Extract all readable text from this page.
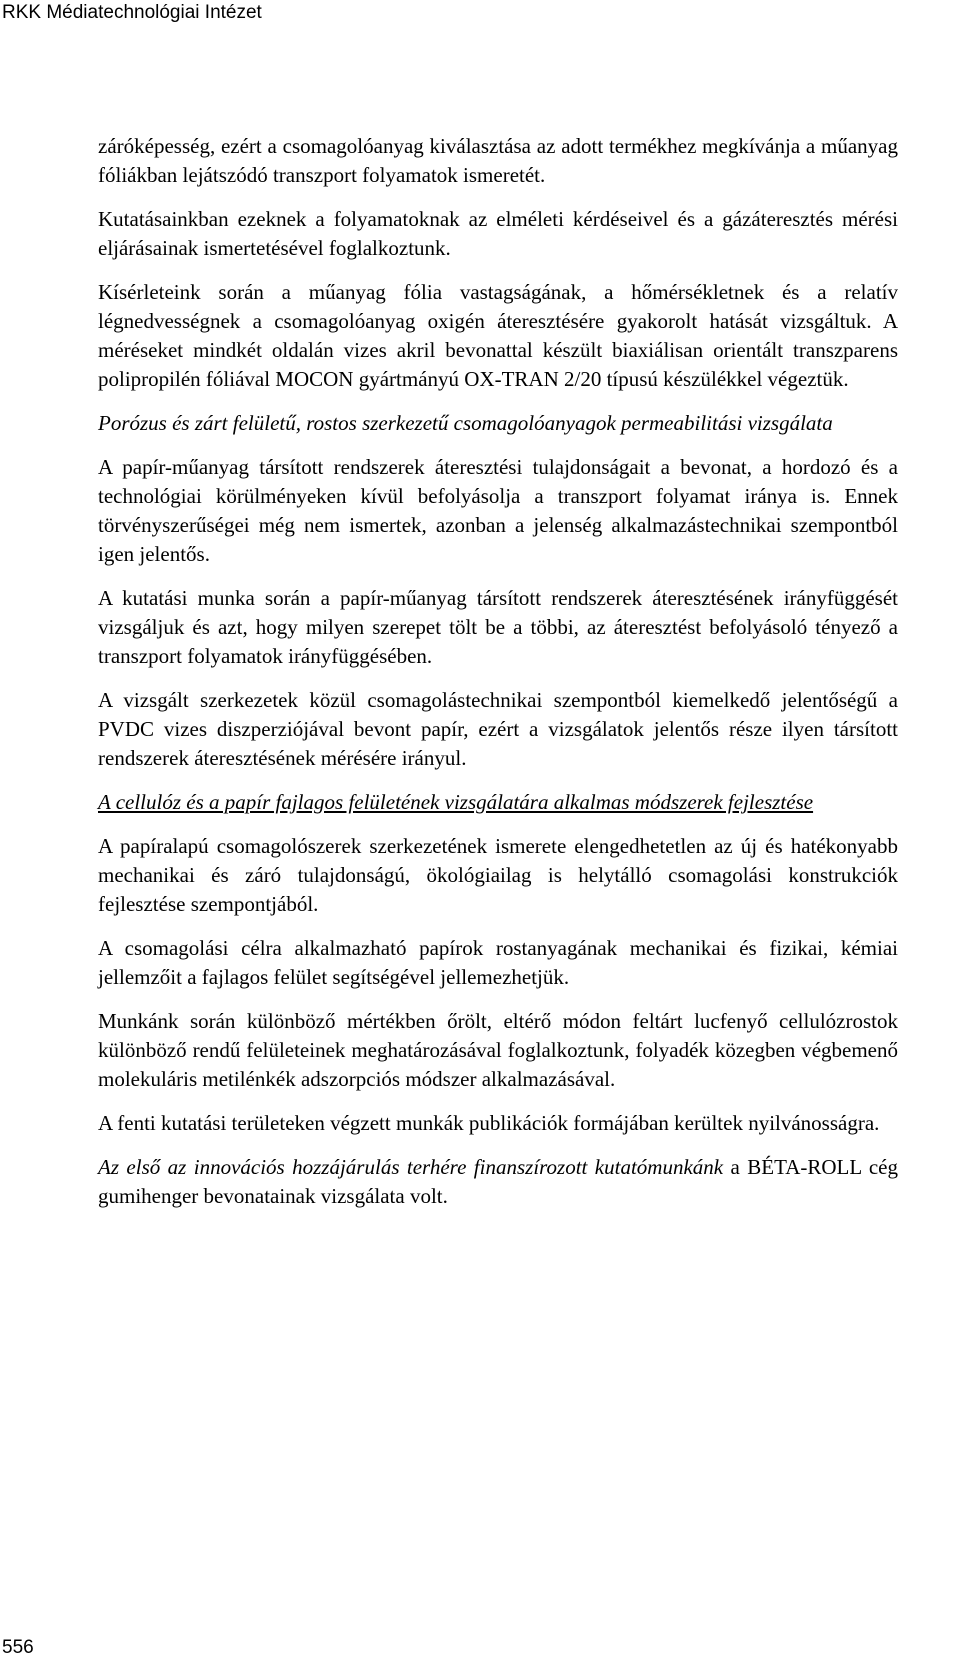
RKK Médiatechnológiai Intézet

záróképesség, ezért a csomagolóanyag kiválasztása az adott termékhez megkívánja a műanyag fóliákban lejátszódó transzport folyamatok ismeretét.

Kutatásainkban ezeknek a folyamatoknak az elméleti kérdéseivel és a gázáteresztés mérési eljárásainak ismertetésével foglalkoztunk.

Kísérleteink során a műanyag fólia vastagságának, a hőmérsékletnek és a relatív légnedvességnek a csomagolóanyag oxigén áteresztésére gyakorolt hatását vizsgáltuk. A méréseket mindkét oldalán vizes akril bevonattal készült biaxiálisan orientált transzparens polipropilén fóliával MOCON gyártmányú OX-TRAN 2/20 típusú készülékkel végeztük.

Porózus és zárt felületű, rostos szerkezetű csomagolóanyagok permeabilitási vizsgálata

A papír-műanyag társított rendszerek áteresztési tulajdonságait a bevonat, a hordozó és a technológiai körülményeken kívül befolyásolja a transzport folyamat iránya is. Ennek törvényszerűségei még nem ismertek, azonban a jelenség alkalmazástechnikai szempontból igen jelentős.

A kutatási munka során a papír-műanyag társított rendszerek áteresztésének irányfüggését vizsgáljuk és azt, hogy milyen szerepet tölt be a többi, az áteresztést befolyásoló tényező a transzport folyamatok irányfüggésében.

A vizsgált szerkezetek közül csomagolástechnikai szempontból kiemelkedő jelentőségű a PVDC vizes diszperziójával bevont papír, ezért a vizsgálatok jelentős része ilyen társított rendszerek áteresztésének mérésére irányul.

A cellulóz és a papír fajlagos felületének vizsgálatára alkalmas módszerek fejlesztése

A papíralapú csomagolószerek szerkezetének ismerete elengedhetetlen az új és hatékonyabb mechanikai és záró tulajdonságú, ökológiailag is helytálló csomagolási konstrukciók fejlesztése szempontjából.

A csomagolási célra alkalmazható papírok rostanyagának mechanikai és fizikai, kémiai jellemzőit a fajlagos felület segítségével jellemezhetjük.

Munkánk során különböző mértékben őrölt, eltérő módon feltárt lucfenyő cellulózrostok különböző rendű felületeinek meghatározásával foglalkoztunk, folyadék közegben végbemenő molekuláris metilénkék adszorpciós módszer alkalmazásával.

A fenti kutatási területeken végzett munkák publikációk formájában kerültek nyilvánosságra.

Az első az innovációs hozzájárulás terhére finanszírozott kutatómunkánk a BÉTA-ROLL cég gumihenger bevonatainak vizsgálata volt.

556
